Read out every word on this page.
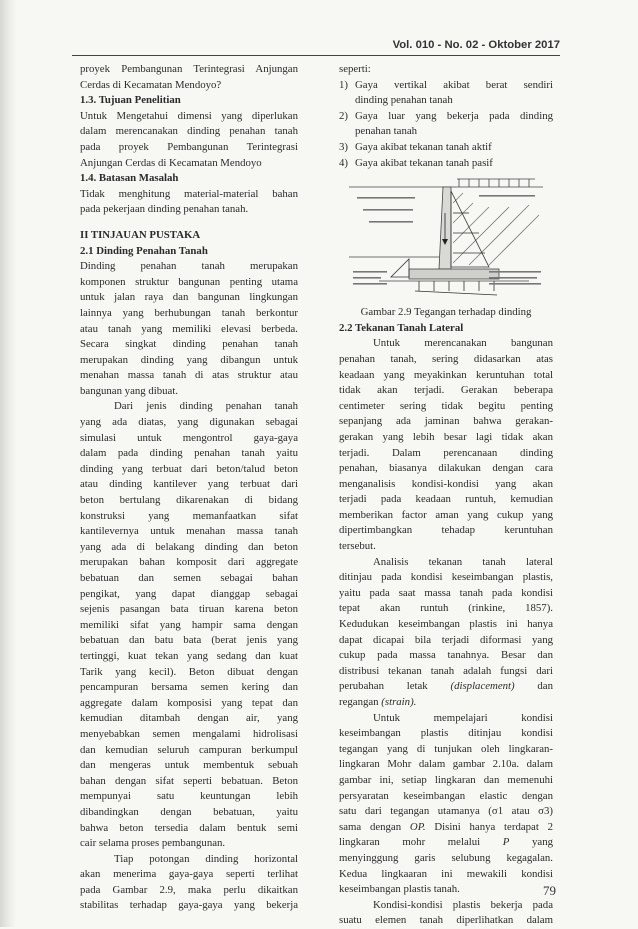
Vol. 010 - No. 02 - Oktober 2017
proyek Pembangunan Terintegrasi Anjungan
Cerdas di Kecamatan Mendoyo?
1.3. Tujuan Penelitian
Untuk Mengetahui dimensi yang diperlukan
dalam merencanakan dinding penahan tanah
pada proyek Pembangunan Terintegrasi
Anjungan Cerdas di Kecamatan Mendoyo
1.4. Batasan Masalah
Tidak menghitung material-material bahan
pada pekerjaan dinding penahan tanah.
II TINJAUAN PUSTAKA
2.1 Dinding Penahan Tanah
Dinding penahan tanah merupakan
komponen struktur bangunan penting utama
untuk jalan raya dan bangunan lingkungan
lainnya yang berhubungan tanah berkontur
atau tanah yang memiliki elevasi berbeda.
Secara singkat dinding penahan tanah
merupakan dinding yang dibangun untuk
menahan massa tanah di atas struktur atau
bangunan yang dibuat.
Dari jenis dinding penahan tanah
yang ada diatas, yang digunakan sebagai
simulasi untuk mengontrol gaya-gaya
dalam pada dinding penahan tanah yaitu
dinding yang terbuat dari beton/talud beton
atau dinding kantilever yang terbuat dari
beton bertulang dikarenakan di bidang
konstruksi yang memanfaatkan sifat
kantilevernya untuk menahan massa tanah
yang ada di belakang dinding dan beton
merupakan bahan komposit dari aggregate
bebatuan dan semen sebagai bahan
pengikat, yang dapat dianggap sebagai
sejenis pasangan bata tiruan karena beton
memiliki sifat yang hampir sama dengan
bebatuan dan batu bata (berat jenis yang
tertinggi, kuat tekan yang sedang dan kuat
Tarik yang kecil). Beton dibuat dengan
pencampuran bersama semen kering dan
aggregate dalam komposisi yang tepat dan
kemudian ditambah dengan air, yang
menyebabkan semen mengalami hidrolisasi
dan kemudian seluruh campuran berkumpul
dan mengeras untuk membentuk sebuah
bahan dengan sifat seperti bebatuan. Beton
mempunyai satu keuntungan lebih
dibandingkan dengan bebatuan, yaitu
bahwa beton tersedia dalam bentuk semi
cair selama proses pembangunan.
Tiap potongan dinding horizontal
akan menerima gaya-gaya seperti terlihat
pada Gambar 2.9, maka perlu dikaitkan
stabilitas terhadap gaya-gaya yang bekerja
seperti:
1) Gaya vertikal akibat berat sendiri
dinding penahan tanah
2) Gaya luar yang bekerja pada dinding
penahan tanah
3) Gaya akibat tekanan tanah aktif
4) Gaya akibat tekanan tanah pasif
Gambar 2.9 Tegangan terhadap dinding
2.2 Tekanan Tanah Lateral
Untuk merencanakan bangunan
penahan tanah, sering didasarkan atas
keadaan yang meyakinkan keruntuhan total
tidak akan terjadi. Gerakan beberapa
centimeter sering tidak begitu penting
sepanjang ada jaminan bahwa gerakan-
gerakan yang lebih besar lagi tidak akan
terjadi. Dalam perencanaan dinding
penahan, biasanya dilakukan dengan cara
menganalisis kondisi-kondisi yang akan
terjadi pada keadaan runtuh, kemudian
memberikan factor aman yang cukup yang
dipertimbangkan tehadap keruntuhan
tersebut.
Analisis tekanan tanah lateral
ditinjau pada kondisi keseimbangan plastis,
yaitu pada saat massa tanah pada kondisi
tepat akan runtuh (rinkine, 1857).
Kedudukan keseimbangan plastis ini hanya
dapat dicapai bila terjadi diformasi yang
cukup pada massa tanahnya. Besar dan
distribusi tekanan tanah adalah fungsi dari
perubahan letak (displacement) dan
regangan (strain).
Untuk mempelajari kondisi
keseimbangan plastis ditinjau kondisi
tegangan yang di tunjukan oleh lingkaran-
lingkaran Mohr dalam gambar 2.10a. dalam
gambar ini, setiap lingkaran dan memenuhi
persyaratan keseimbangan elastic dengan
satu dari tegangan utamanya (σ1 atau σ3)
sama dengan OP. Disini hanya terdapat 2
lingkaran mohr melalui P yang
menyinggung garis selubung kegagalan.
Kedua lingkaaran ini mewakili kondisi
keseimbangan plastis tanah.
Kondisi-kondisi plastis bekerja pada
suatu elemen tanah diperlihatkan dalam
79
